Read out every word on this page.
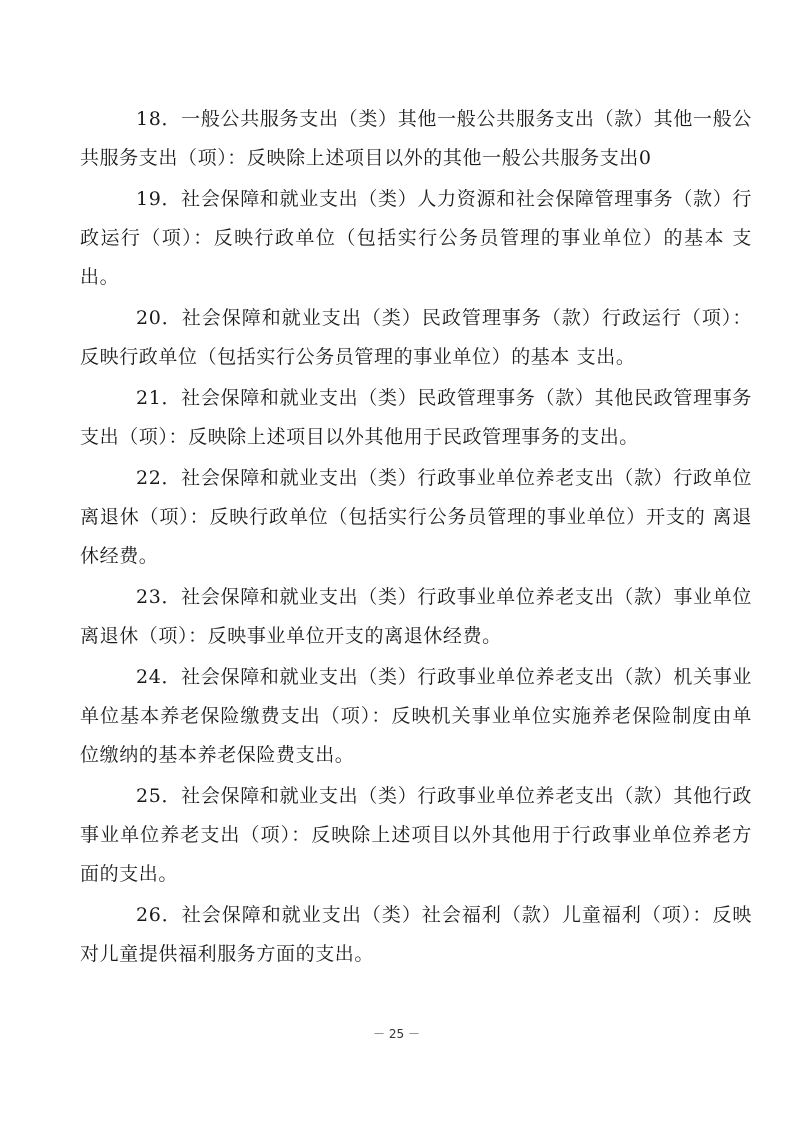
18．一般公共服务支出（类）其他一般公共服务支出（款）其他一般公共服务支出（项）：反映除上述项目以外的其他一般公共服务支出0

19．社会保障和就业支出（类）人力资源和社会保障管理事务（款）行政运行（项）：反映行政单位（包括实行公务员管理的事业单位）的基本 支出。

20．社会保障和就业支出（类）民政管理事务（款）行政运行（项）：反映行政单位（包括实行公务员管理的事业单位）的基本 支出。

21．社会保障和就业支出（类）民政管理事务（款）其他民政管理事务支出（项）：反映除上述项目以外其他用于民政管理事务的支出。

22．社会保障和就业支出（类）行政事业单位养老支出（款）行政单位离退休（项）：反映行政单位（包括实行公务员管理的事业单位）开支的 离退休经费。

23．社会保障和就业支出（类）行政事业单位养老支出（款）事业单位离退休（项）：反映事业单位开支的离退休经费。

24．社会保障和就业支出（类）行政事业单位养老支出（款）机关事业单位基本养老保险缴费支出（项）：反映机关事业单位实施养老保险制度由单位缴纳的基本养老保险费支出。

25．社会保障和就业支出（类）行政事业单位养老支出（款）其他行政事业单位养老支出（项）：反映除上述项目以外其他用于行政事业单位养老方面的支出。

26．社会保障和就业支出（类）社会福利（款）儿童福利（项）：反映对儿童提供福利服务方面的支出。

－ 25 －
